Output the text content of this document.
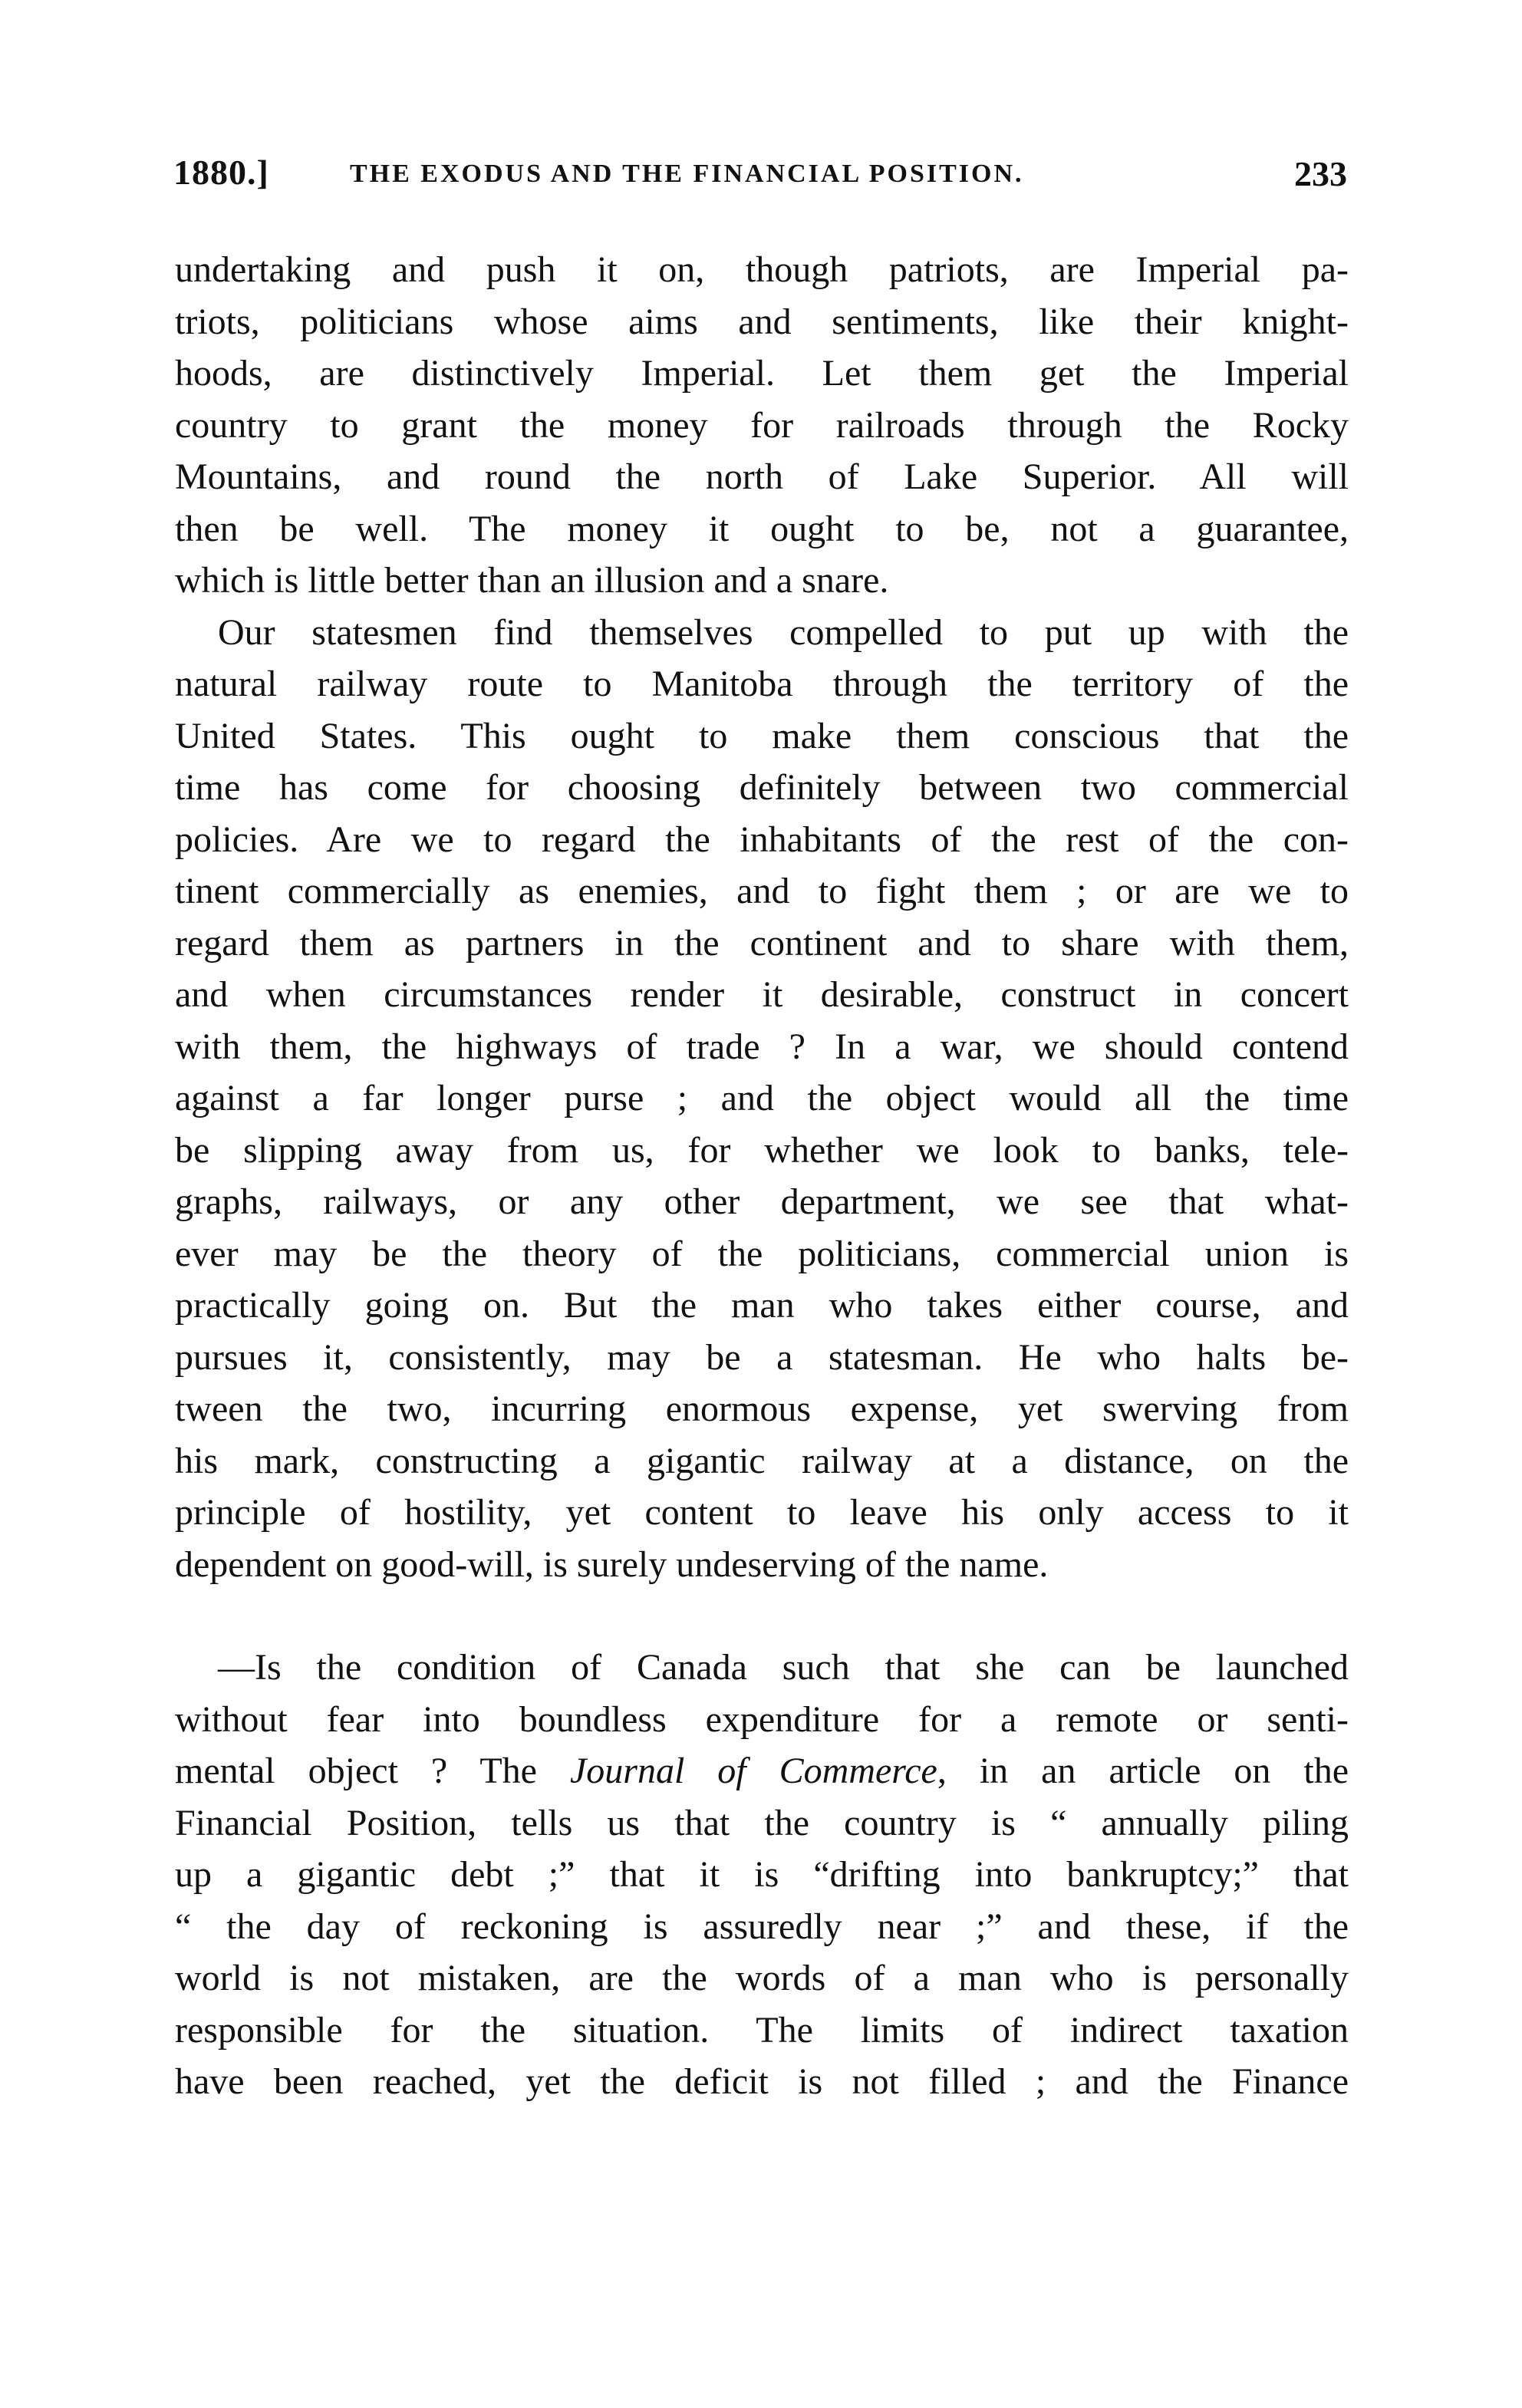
1880.]	THE EXODUS AND THE FINANCIAL POSITION.	233
undertaking and push it on, though patriots, are Imperial pa-
triots, politicians whose aims and sentiments, like their knight-
hoods, are distinctively Imperial. Let them get the Imperial
country to grant the money for railroads through the Rocky
Mountains, and round the north of Lake Superior. All will
then be well. The money it ought to be, not a guarantee,
which is little better than an illusion and a snare.
Our statesmen find themselves compelled to put up with the
natural railway route to Manitoba through the territory of the
United States. This ought to make them conscious that the
time has come for choosing definitely between two commercial
policies. Are we to regard the inhabitants of the rest of the con-
tinent commercially as enemies, and to fight them ; or are we to
regard them as partners in the continent and to share with them,
and when circumstances render it desirable, construct in concert
with them, the highways of trade ? In a war, we should contend
against a far longer purse ; and the object would all the time
be slipping away from us, for whether we look to banks, tele-
graphs, railways, or any other department, we see that what-
ever may be the theory of the politicians, commercial union is
practically going on. But the man who takes either course, and
pursues it, consistently, may be a statesman. He who halts be-
tween the two, incurring enormous expense, yet swerving from
his mark, constructing a gigantic railway at a distance, on the
principle of hostility, yet content to leave his only access to it
dependent on good-will, is surely undeserving of the name.
—Is the condition of Canada such that she can be launched
without fear into boundless expenditure for a remote or senti-
mental object ? The Journal of Commerce, in an article on the
Financial Position, tells us that the country is “ annually piling
up a gigantic debt ;” that it is “drifting into bankruptcy;” that
“ the day of reckoning is assuredly near ;” and these, if the
world is not mistaken, are the words of a man who is personally
responsible for the situation. The limits of indirect taxation
have been reached, yet the deficit is not filled ; and the Finance
